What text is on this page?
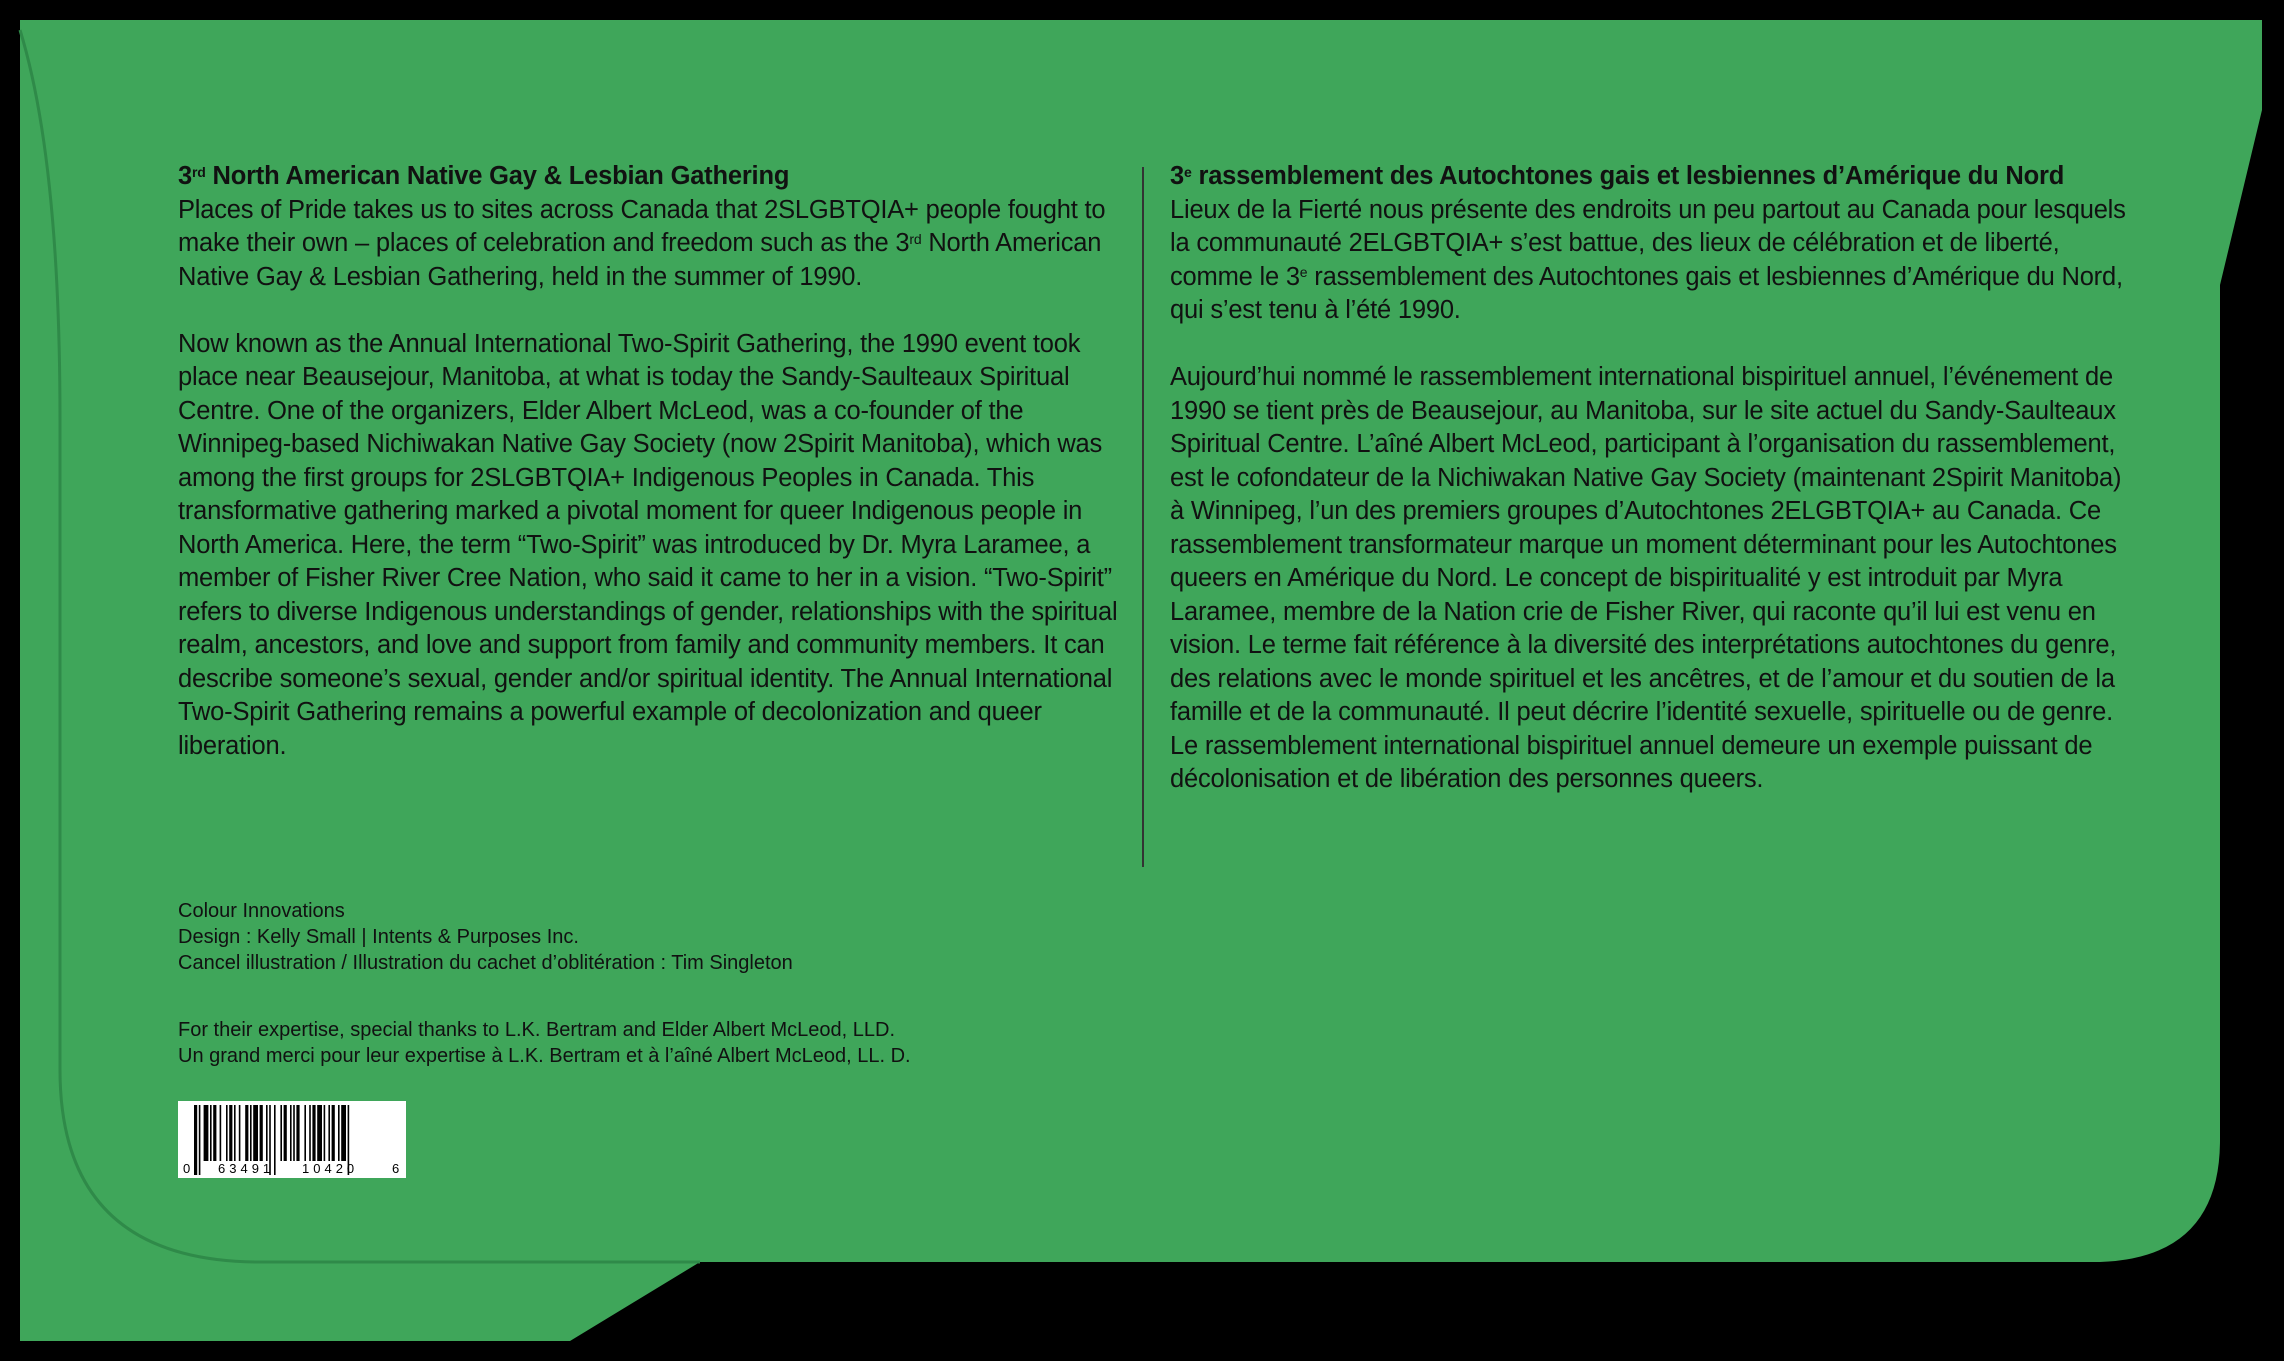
3rd North American Native Gay & Lesbian Gathering

Places of Pride takes us to sites across Canada that 2SLGBTQIA+ people fought to make their own – places of celebration and freedom such as the 3rd North American Native Gay & Lesbian Gathering, held in the summer of 1990.

Now known as the Annual International Two-Spirit Gathering, the 1990 event took place near Beausejour, Manitoba, at what is today the Sandy-Saulteaux Spiritual Centre. One of the organizers, Elder Albert McLeod, was a co-founder of the Winnipeg-based Nichiwakan Native Gay Society (now 2Spirit Manitoba), which was among the first groups for 2SLGBTQIA+ Indigenous Peoples in Canada. This transformative gathering marked a pivotal moment for queer Indigenous people in North America. Here, the term “Two-Spirit” was introduced by Dr. Myra Laramee, a member of Fisher River Cree Nation, who said it came to her in a vision. “Two-Spirit” refers to diverse Indigenous understandings of gender, relationships with the spiritual realm, ancestors, and love and support from family and community members. It can describe someone’s sexual, gender and/or spiritual identity. The Annual International Two-Spirit Gathering remains a powerful example of decolonization and queer liberation.

3e rassemblement des Autochtones gais et lesbiennes d’Amérique du Nord

Lieux de la Fierté nous présente des endroits un peu partout au Canada pour lesquels la communauté 2ELGBTQIA+ s’est battue, des lieux de célébration et de liberté, comme le 3e rassemblement des Autochtones gais et lesbiennes d’Amérique du Nord, qui s’est tenu à l’été 1990.

Aujourd’hui nommé le rassemblement international bispirituel annuel, l’événement de 1990 se tient près de Beausejour, au Manitoba, sur le site actuel du Sandy-Saulteaux Spiritual Centre. L’aîné Albert McLeod, participant à l’organisation du rassemblement, est le cofondateur de la Nichiwakan Native Gay Society (maintenant 2Spirit Manitoba) à Winnipeg, l’un des premiers groupes d’Autochtones 2ELGBTQIA+ au Canada. Ce rassemblement transformateur marque un moment déterminant pour les Autochtones queers en Amérique du Nord. Le concept de bispiritualité y est introduit par Myra Laramee, membre de la Nation crie de Fisher River, qui raconte qu’il lui est venu en vision. Le terme fait référence à la diversité des interprétations autochtones du genre, des relations avec le monde spirituel et les ancêtres, et de l’amour et du soutien de la famille et de la communauté. Il peut décrire l’identité sexuelle, spirituelle ou de genre. Le rassemblement international bispirituel annuel demeure un exemple puissant de décolonisation et de libération des personnes queers.

Colour Innovations
Design : Kelly Small | Intents & Purposes Inc.
Cancel illustration / Illustration du cachet d’oblitération : Tim Singleton
For their expertise, special thanks to L.K. Bertram and Elder Albert McLeod, LLD.
Un grand merci pour leur expertise à L.K. Bertram et à l’aîné Albert McLeod, LL. D.
0 63491 10420	6
